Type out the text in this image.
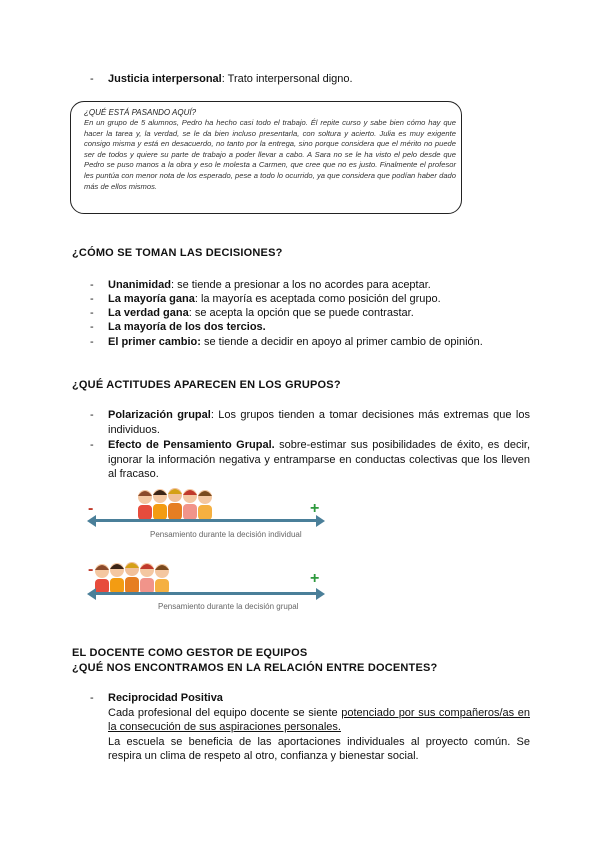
- Justicia interpersonal: Trato interpersonal digno.
¿QUÉ ESTÁ PASANDO AQUÍ?
En un grupo de 5 alumnos, Pedro ha hecho casi todo el trabajo. Él repite curso y sabe bien cómo hay que hacer la tarea y, la verdad, se le da bien incluso presentarla, con soltura y acierto. Julia es muy exigente consigo misma y está en desacuerdo, no tanto por la entrega, sino porque considera que el mérito no puede ser de todos y quiere su parte de trabajo a poder llevar a cabo. A Sara no se le ha visto el pelo desde que Pedro se puso manos a la obra y eso le molesta a Carmen, que cree que no es justo. Finalmente el profesor les puntúa con menor nota de los esperado, pese a todo lo ocurrido, ya que considera que podían haber dado más de ellos mismos.
¿CÓMO SE TOMAN LAS DECISIONES?
- Unanimidad: se tiende a presionar a los no acordes para aceptar.
- La mayoría gana: la mayoría es aceptada como posición del grupo.
- La verdad gana: se acepta la opción que se puede contrastar.
- La mayoría de los dos tercios.
- El primer cambio: se tiende a decidir en apoyo al primer cambio de opinión.
¿QUÉ ACTITUDES APARECEN EN LOS GRUPOS?
- Polarización grupal: Los grupos tienden a tomar decisiones más extremas que los individuos.
- Efecto de Pensamiento Grupal. sobre-estimar sus posibilidades de éxito, es decir, ignorar la información negativa y entramparse en conductas colectivas que los lleven al fracaso.
-	+
Pensamiento durante la decisión individual
-
+
Pensamiento durante la decisión grupal
EL DOCENTE COMO GESTOR DE EQUIPOS
¿QUÉ NOS ENCONTRAMOS EN LA RELACIÓN ENTRE DOCENTES?
- Reciprocidad Positiva
Cada profesional del equipo docente se siente potenciado por sus compañeros/as en la consecución de sus aspiraciones personales.
La escuela se beneficia de las aportaciones individuales al proyecto común. Se respira un clima de respeto al otro, confianza y bienestar social.
